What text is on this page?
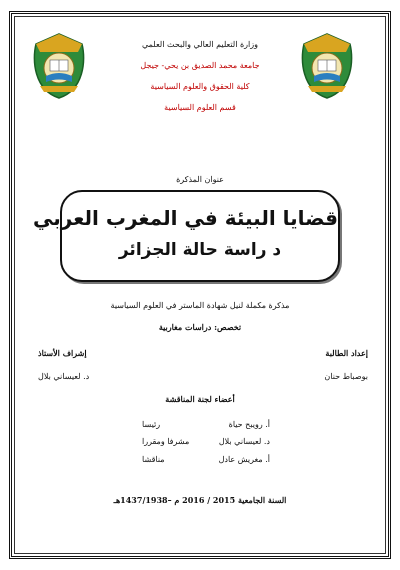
وزارة التعليم العالي والبحث العلمي
جامعة محمد الصديق بن يحي- جيجل
كلية الحقوق والعلوم السياسية
قسم العلوم السياسية
عنوان المذكرة
قضايا البيئة في المغرب العربي
د راسة حالة الجزائر
مذكرة مكملة لنيل شهادة الماستر في العلوم السياسية
تخصص: دراسات مغاربية
إعداد الطالبة
إشراف الأستاذ
بوصباط حنان
د. لعيساني بلال
أعضاء لجنة المناقشة
أ. رويبح حياة
رئيسا
د. لعيساني بلال
مشرفا ومقررا
أ. مغريش عادل
مناقشا
السنة الجامعية 2015 / 2016 م –1437/1938هـ
